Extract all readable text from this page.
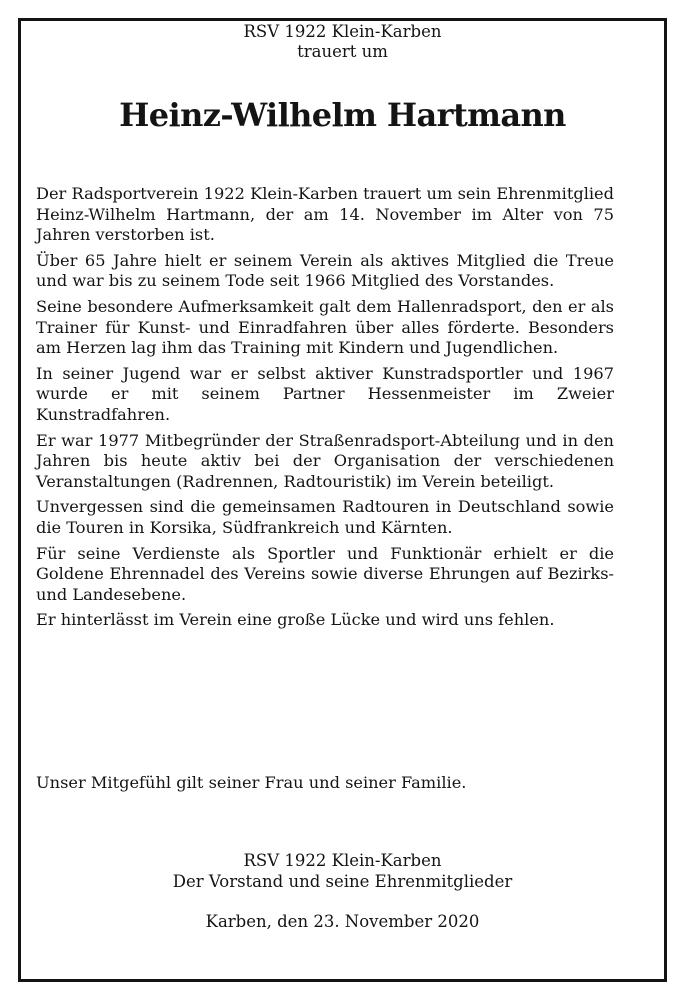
RSV 1922 Klein-Karben
trauert um
Heinz-Wilhelm Hartmann

Der Radsportverein 1922 Klein-Karben trauert um sein Ehrenmitglied Heinz-Wilhelm Hartmann, der am 14. November im Alter von 75 Jahren verstorben ist.

Über 65 Jahre hielt er seinem Verein als aktives Mitglied die Treue und war bis zu seinem Tode seit 1966 Mitglied des Vorstandes.

Seine besondere Aufmerksamkeit galt dem Hallenradsport, den er als Trainer für Kunst- und Einradfahren über alles förderte. Besonders am Herzen lag ihm das Training mit Kindern und Jugendlichen.

In seiner Jugend war er selbst aktiver Kunstradsportler und 1967 wurde er mit seinem Partner Hessenmeister im Zweier Kunstradfahren.

Er war 1977 Mitbegründer der Straßenradsport-Abteilung und in den Jahren bis heute aktiv bei der Organisation der verschiedenen Veranstaltungen (Radrennen, Radtouristik) im Verein beteiligt.

Unvergessen sind die gemeinsamen Radtouren in Deutschland sowie die Touren in Korsika, Südfrankreich und Kärnten.

Für seine Verdienste als Sportler und Funktionär erhielt er die Goldene Ehrennadel des Vereins sowie diverse Ehrungen auf Bezirks- und Landesebene.

Er hinterlässt im Verein eine große Lücke und wird uns fehlen.

Unser Mitgefühl gilt seiner Frau und seiner Familie.
RSV 1922 Klein-Karben
Der Vorstand und seine Ehrenmitglieder
Karben, den 23. November 2020
